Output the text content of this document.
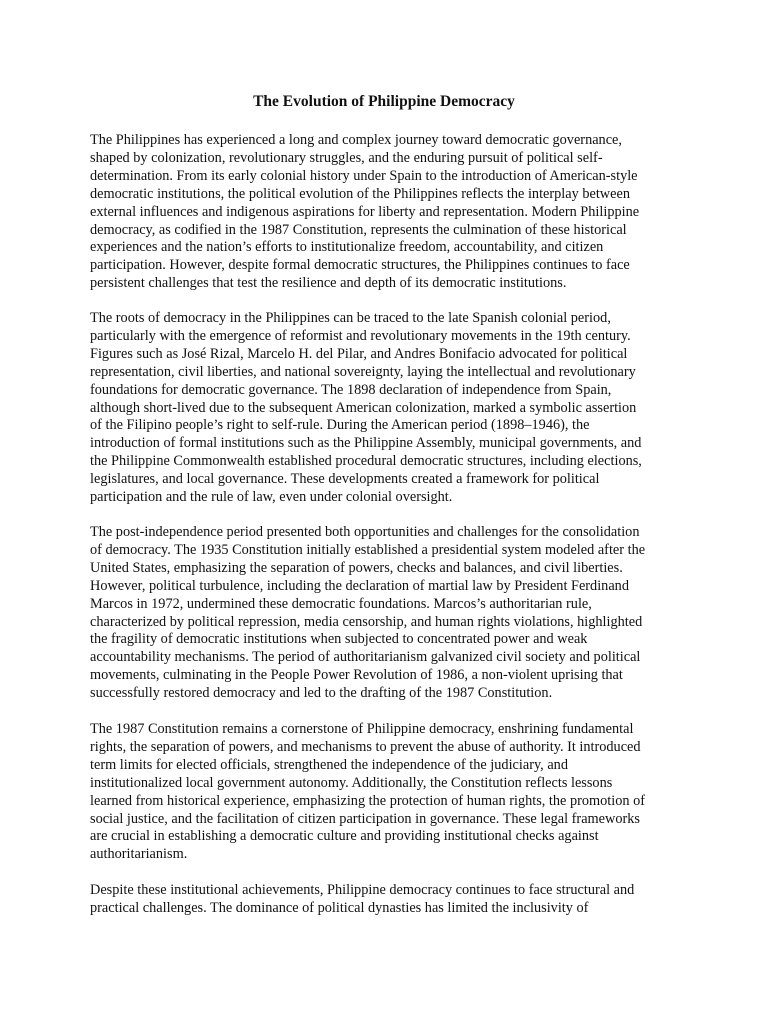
The Evolution of Philippine Democracy

The Philippines has experienced a long and complex journey toward democratic governance,
shaped by colonization, revolutionary struggles, and the enduring pursuit of political self-
determination. From its early colonial history under Spain to the introduction of American-style
democratic institutions, the political evolution of the Philippines reflects the interplay between
external influences and indigenous aspirations for liberty and representation. Modern Philippine
democracy, as codified in the 1987 Constitution, represents the culmination of these historical
experiences and the nation’s efforts to institutionalize freedom, accountability, and citizen
participation. However, despite formal democratic structures, the Philippines continues to face
persistent challenges that test the resilience and depth of its democratic institutions.

The roots of democracy in the Philippines can be traced to the late Spanish colonial period,
particularly with the emergence of reformist and revolutionary movements in the 19th century.
Figures such as José Rizal, Marcelo H. del Pilar, and Andres Bonifacio advocated for political
representation, civil liberties, and national sovereignty, laying the intellectual and revolutionary
foundations for democratic governance. The 1898 declaration of independence from Spain,
although short-lived due to the subsequent American colonization, marked a symbolic assertion
of the Filipino people’s right to self-rule. During the American period (1898–1946), the
introduction of formal institutions such as the Philippine Assembly, municipal governments, and
the Philippine Commonwealth established procedural democratic structures, including elections,
legislatures, and local governance. These developments created a framework for political
participation and the rule of law, even under colonial oversight.

The post-independence period presented both opportunities and challenges for the consolidation
of democracy. The 1935 Constitution initially established a presidential system modeled after the
United States, emphasizing the separation of powers, checks and balances, and civil liberties.
However, political turbulence, including the declaration of martial law by President Ferdinand
Marcos in 1972, undermined these democratic foundations. Marcos’s authoritarian rule,
characterized by political repression, media censorship, and human rights violations, highlighted
the fragility of democratic institutions when subjected to concentrated power and weak
accountability mechanisms. The period of authoritarianism galvanized civil society and political
movements, culminating in the People Power Revolution of 1986, a non-violent uprising that
successfully restored democracy and led to the drafting of the 1987 Constitution.

The 1987 Constitution remains a cornerstone of Philippine democracy, enshrining fundamental
rights, the separation of powers, and mechanisms to prevent the abuse of authority. It introduced
term limits for elected officials, strengthened the independence of the judiciary, and
institutionalized local government autonomy. Additionally, the Constitution reflects lessons
learned from historical experience, emphasizing the protection of human rights, the promotion of
social justice, and the facilitation of citizen participation in governance. These legal frameworks
are crucial in establishing a democratic culture and providing institutional checks against
authoritarianism.

Despite these institutional achievements, Philippine democracy continues to face structural and
practical challenges. The dominance of political dynasties has limited the inclusivity of
